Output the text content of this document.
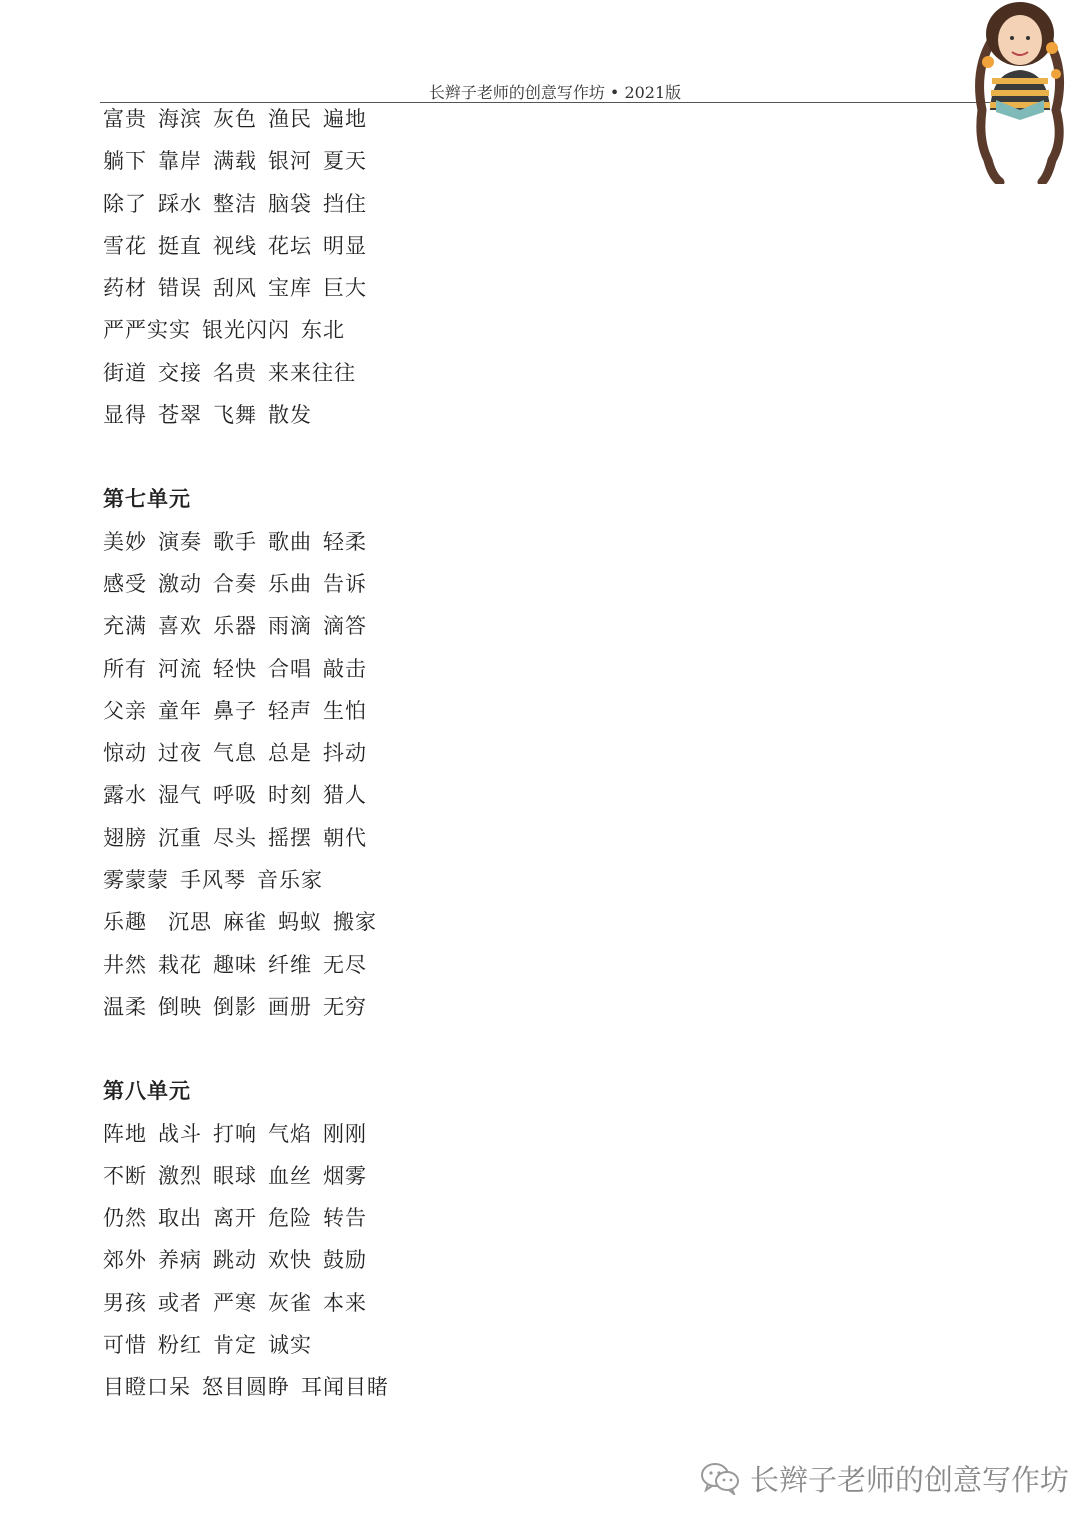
长辫子老师的创意写作坊 • 2021版
富贵 海滨 灰色 渔民 遍地
躺下 靠岸 满载 银河 夏天
除了 踩水 整洁 脑袋 挡住
雪花 挺直 视线 花坛 明显
药材 错误 刮风 宝库 巨大
严严实实 银光闪闪 东北
街道 交接 名贵 来来往往
显得 苍翠 飞舞 散发
第七单元
美妙 演奏 歌手 歌曲 轻柔
感受 激动 合奏 乐曲 告诉
充满 喜欢 乐器 雨滴 滴答
所有 河流 轻快 合唱 敲击
父亲 童年 鼻子 轻声 生怕
惊动 过夜 气息 总是 抖动
露水 湿气 呼吸 时刻 猎人
翅膀 沉重 尽头 摇摆 朝代
雾蒙蒙 手风琴 音乐家
乐趣 沉思 麻雀 蚂蚁 搬家
井然 栽花 趣味 纤维 无尽
温柔 倒映 倒影 画册 无穷
第八单元
阵地 战斗 打响 气焰 刚刚
不断 激烈 眼球 血丝 烟雾
仍然 取出 离开 危险 转告
郊外 养病 跳动 欢快 鼓励
男孩 或者 严寒 灰雀 本来
可惜 粉红 肯定 诚实
目瞪口呆 怒目圆睁 耳闻目睹
长辫子老师的创意写作坊
